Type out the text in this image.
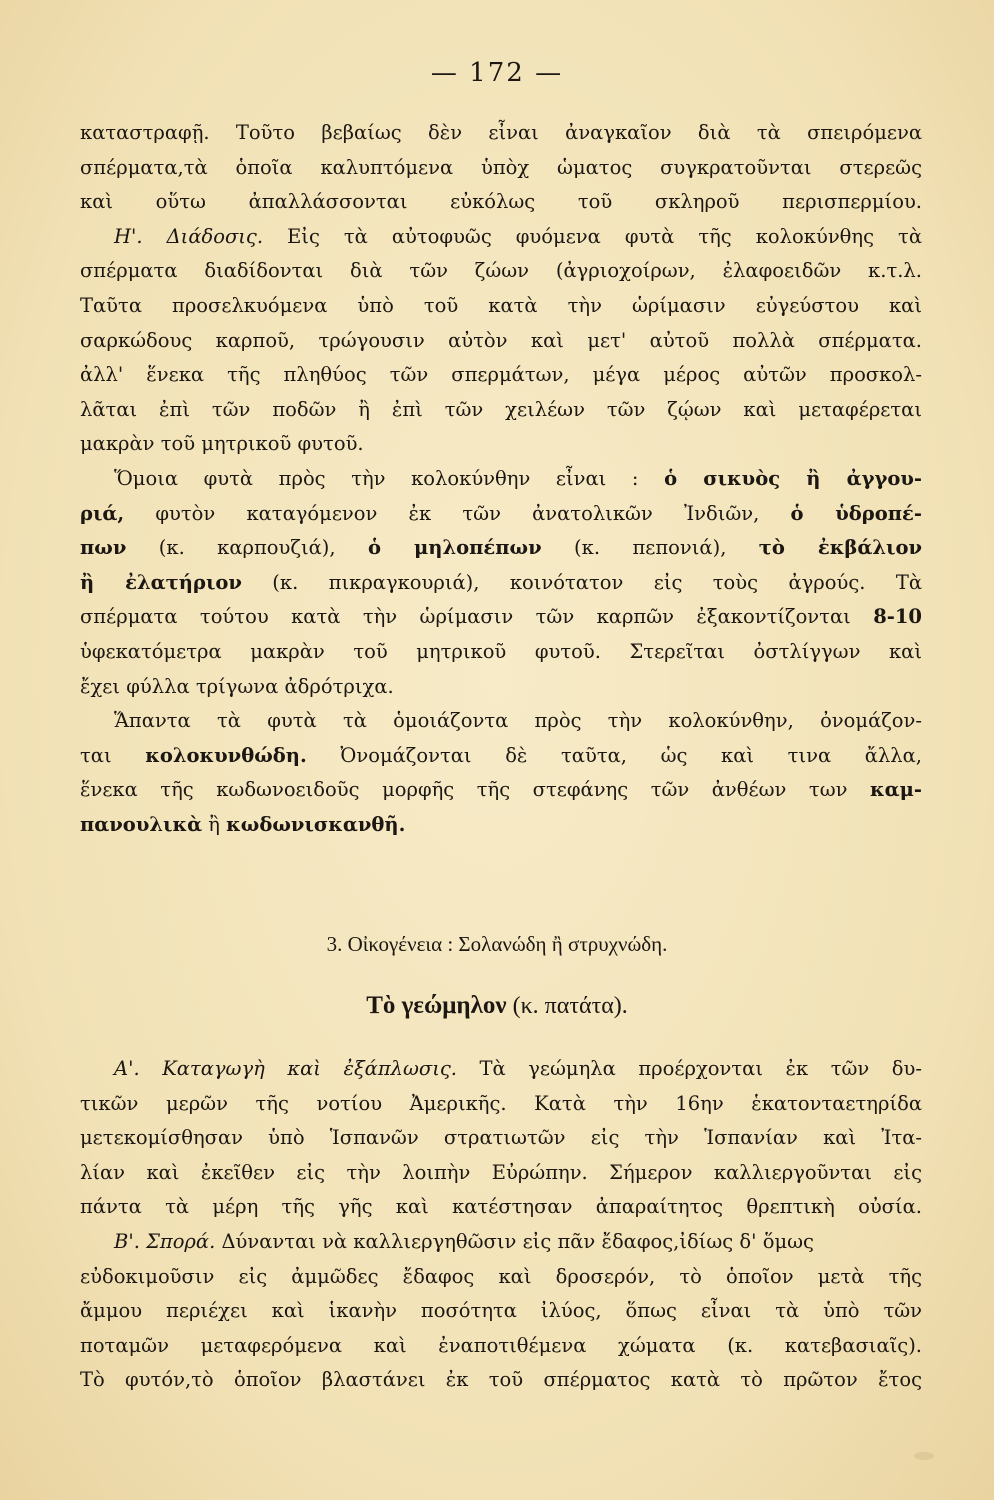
— 172 —
καταστραφῇ. Τοῦτο βεβαίως δὲν εἶναι ἀναγκαῖον διὰ τὰ σπειρόμενα
σπέρματα,τὰ ὁποῖα καλυπτόμενα ὑπὸχ ὡματος συγκρατοῦνται στερεῶς
καὶ οὕτω ἀπαλλάσσονται εὐκόλως τοῦ σκληροῦ περισπερμίου.
Η'. Διάδοσις. Εἰς τὰ αὐτοφυῶς φυόμενα φυτὰ τῆς κολοκύνθης τὰ
σπέρματα διαδίδονται διὰ τῶν ζώων (ἀγριοχοίρων, ἐλαφοειδῶν κ.τ.λ.
Ταῦτα προσελκυόμενα ὑπὸ τοῦ κατὰ τὴν ὡρίμασιν εὐγεύστου καὶ
σαρκώδους καρποῦ, τρώγουσιν αὐτὸν καὶ μετ' αὐτοῦ πολλὰ σπέρματα.
ἀλλ' ἕνεκα τῆς πληθύος τῶν σπερμάτων, μέγα μέρος αὐτῶν προσκολ-
λᾶται ἐπὶ τῶν ποδῶν ἢ ἐπὶ τῶν χειλέων τῶν ζῴων καὶ μεταφέρεται
μακρὰν τοῦ μητρικοῦ φυτοῦ.
Ὅμοια φυτὰ πρὸς τὴν κολοκύνθην εἶναι : ὁ σικυὸς ἢ ἀγγου-
ριά, φυτὸν καταγόμενον ἐκ τῶν ἀνατολικῶν Ἰνδιῶν, ὁ ὑδροπέ-
πων (κ. καρπουζιά), ὁ μηλοπέπων (κ. πεπονιά), τὸ ἐκβάλιον
ἢ ἐλατήριον (κ. πικραγκουριά), κοινότατον εἰς τοὺς ἀγρούς. Τὰ
σπέρματα τούτου κατὰ τὴν ὡρίμασιν τῶν καρπῶν ἐξακοντίζονται 8-10
ὑφεκατόμετρα μακρὰν τοῦ μητρικοῦ φυτοῦ. Στερεῖται ὀστλίγγων καὶ
ἔχει φύλλα τρίγωνα ἀδρότριχα.
Ἅπαντα τὰ φυτὰ τὰ ὁμοιάζοντα πρὸς τὴν κολοκύνθην, ὀνομάζον-
ται κολοκυνθώδη. Ὀνομάζονται δὲ ταῦτα, ὡς καὶ τινα ἄλλα,
ἕνεκα τῆς κωδωνοειδοῦς μορφῆς τῆς στεφάνης τῶν ἀνθέων των καμ-
πανουλικὰ ἢ κωδωνισκανθῆ.
3. Οἰκογένεια : Σολανώδη ἢ στρυχνώδη.
Τὸ γεώμηλον (κ. πατάτα).
Α'. Καταγωγὴ καὶ ἐξάπλωσις. Τὰ γεώμηλα προέρχονται ἐκ τῶν δυ-
τικῶν μερῶν τῆς νοτίου Ἀμερικῆς. Κατὰ τὴν 16ην ἑκατονταετηρίδα
μετεκομίσθησαν ὑπὸ Ἱσπανῶν στρατιωτῶν εἰς τὴν Ἱσπανίαν καὶ Ἰτα-
λίαν καὶ ἐκεῖθεν εἰς τὴν λοιπὴν Εὐρώπην. Σήμερον καλλιεργοῦνται εἰς
πάντα τὰ μέρη τῆς γῆς καὶ κατέστησαν ἀπαραίτητος θρεπτικὴ οὐσία.
Β'. Σπορά. Δύνανται νὰ καλλιεργηθῶσιν εἰς πᾶν ἔδαφος,ἰδίως δ' ὅμως
εὐδοκιμοῦσιν εἰς ἀμμῶδες ἔδαφος καὶ δροσερόν, τὸ ὁποῖον μετὰ τῆς
ἄμμου περιέχει καὶ ἱκανὴν ποσότητα ἰλύος, ὅπως εἶναι τὰ ὑπὸ τῶν
ποταμῶν μεταφερόμενα καὶ ἐναποτιθέμενα χώματα (κ. κατεβασιαῖς).
Τὸ φυτόν,τὸ ὁποῖον βλαστάνει ἐκ τοῦ σπέρματος κατὰ τὸ πρῶτον ἔτος
